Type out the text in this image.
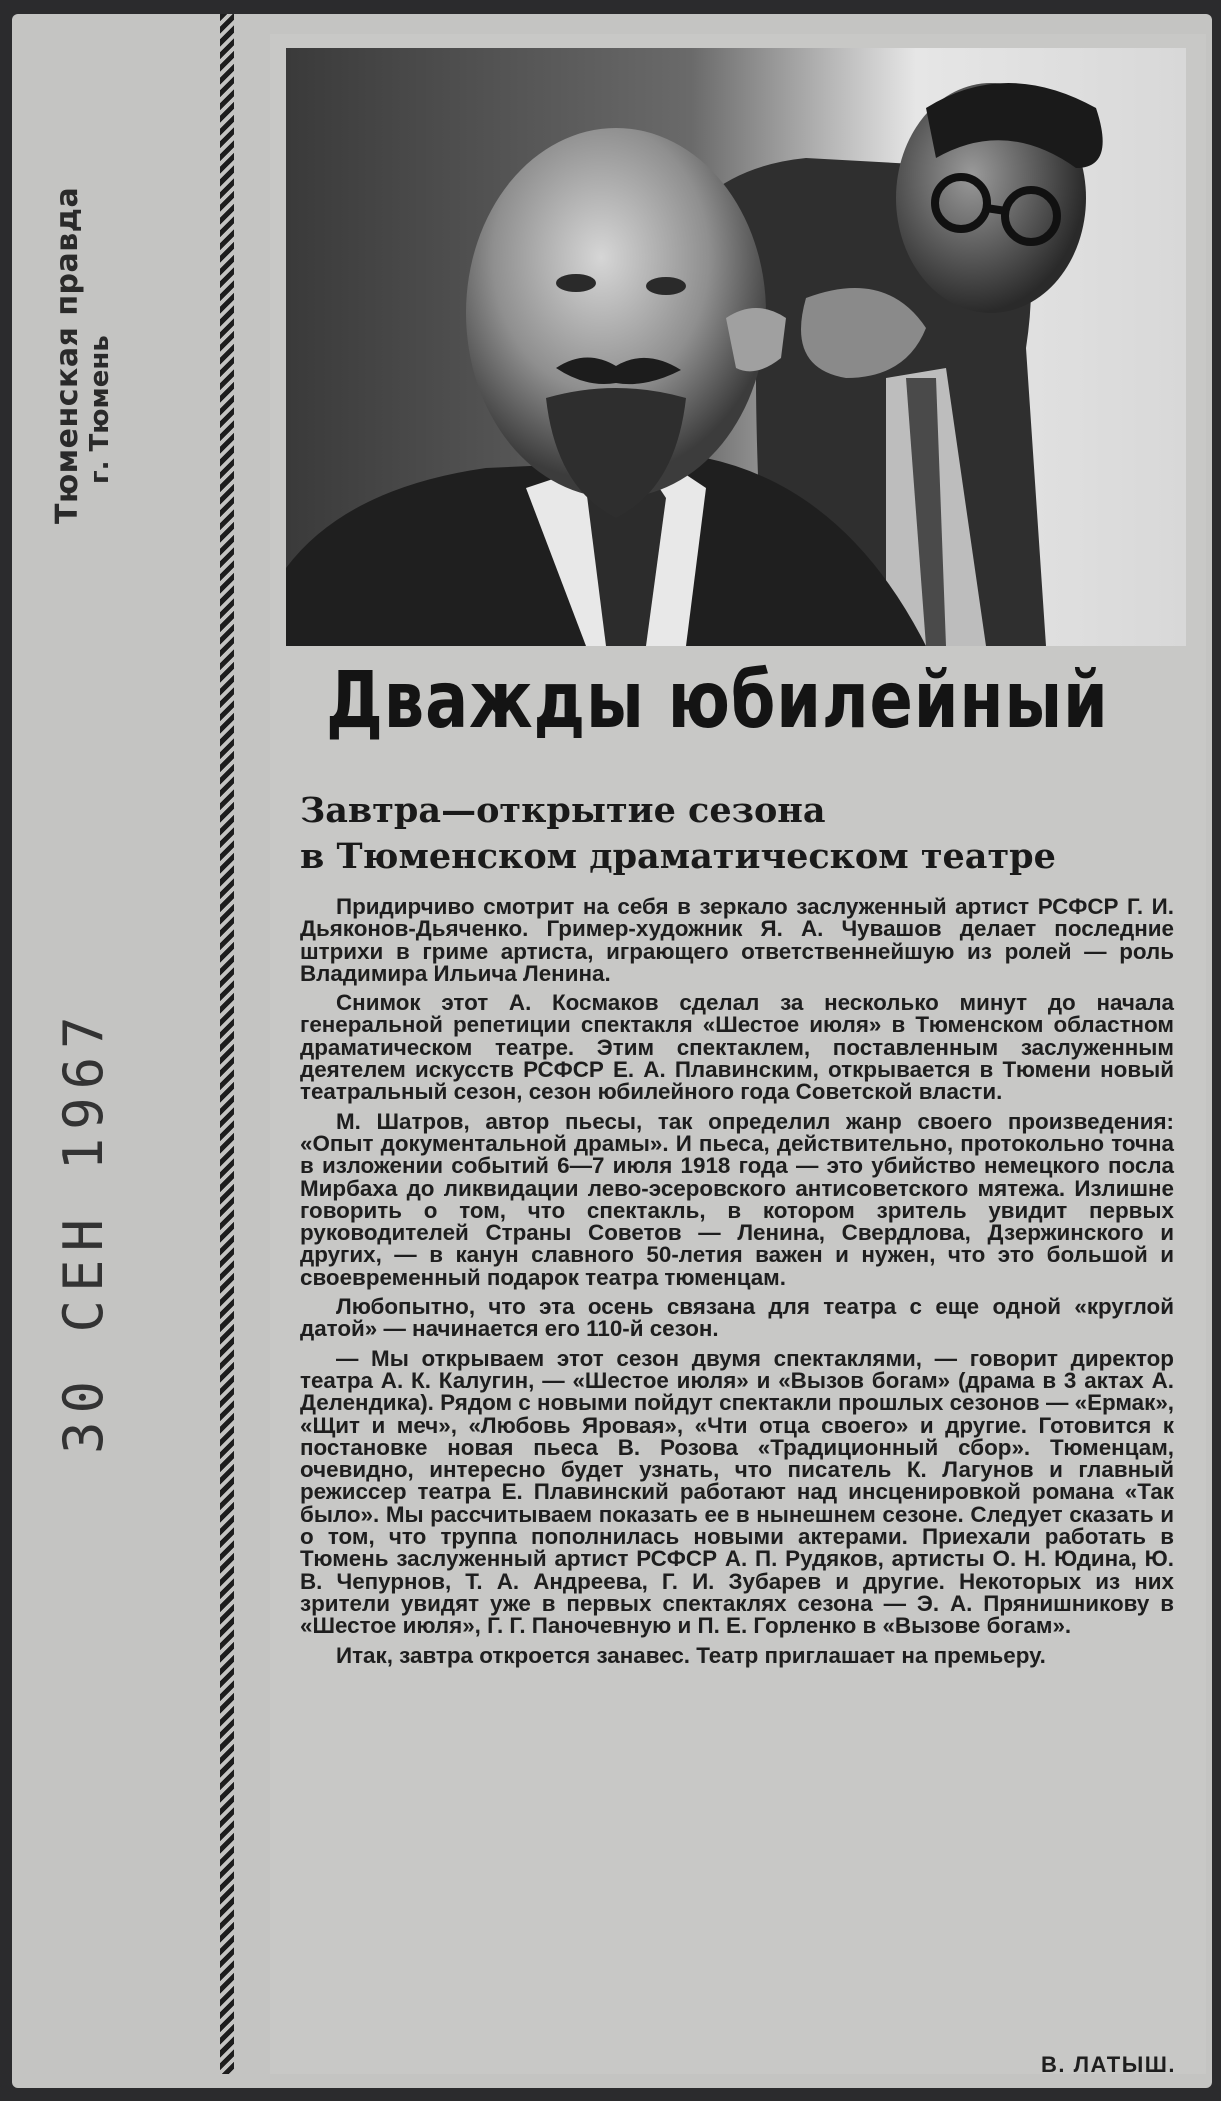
Тюменская правда г. Тюмень
30 СЕН 1967
Дважды юбилейный
Завтра—открытие сезона
в Тюменском драматическом театре

Придирчиво смотрит на себя в зеркало заслуженный артист РСФСР Г. И. Дьяконов-Дьяченко. Гример-художник Я. А. Чувашов делает последние штрихи в гриме артиста, играющего ответственнейшую из ролей — роль Владимира Ильича Ленина.

Снимок этот А. Космаков сделал за несколько минут до начала генеральной репетиции спектакля «Шестое июля» в Тюменском областном драматическом театре. Этим спектаклем, поставленным заслуженным деятелем искусств РСФСР Е. А. Плавинским, открывается в Тюмени новый театральный сезон, сезон юбилейного года Советской власти.

М. Шатров, автор пьесы, так определил жанр своего произведения: «Опыт документальной драмы». И пьеса, действительно, протокольно точна в изложении событий 6—7 июля 1918 года — это убийство немецкого посла Мирбаха до ликвидации лево-эсеровского антисоветского мятежа. Излишне говорить о том, что спектакль, в котором зритель увидит первых руководителей Страны Советов — Ленина, Свердлова, Дзержинского и других, — в канун славного 50-летия важен и нужен, что это большой и своевременный подарок театра тюменцам.

Любопытно, что эта осень связана для театра с еще одной «круглой датой» — начинается его 110-й сезон.

— Мы открываем этот сезон двумя спектаклями, — говорит директор театра А. К. Калугин, — «Шестое июля» и «Вызов богам» (драма в 3 актах А. Делендика). Рядом с новыми пойдут спектакли прошлых сезонов — «Ермак», «Щит и меч», «Любовь Яровая», «Чти отца своего» и другие. Готовится к постановке новая пьеса В. Розова «Традиционный сбор». Тюменцам, очевидно, интересно будет узнать, что писатель К. Лагунов и главный режиссер театра Е. Плавинский работают над инсценировкой романа «Так было». Мы рассчитываем показать ее в нынешнем сезоне. Следует сказать и о том, что труппа пополнилась новыми актерами. Приехали работать в Тюмень заслуженный артист РСФСР А. П. Рудяков, артисты О. Н. Юдина, Ю. В. Чепурнов, Т. А. Андреева, Г. И. Зубарев и другие. Некоторых из них зрители увидят уже в первых спектаклях сезона — Э. А. Прянишникову в «Шестое июля», Г. Г. Паночевную и П. Е. Горленко в «Вызове богам».

Итак, завтра откроется занавес. Театр приглашает на премьеру.

В. ЛАТЫШ.
